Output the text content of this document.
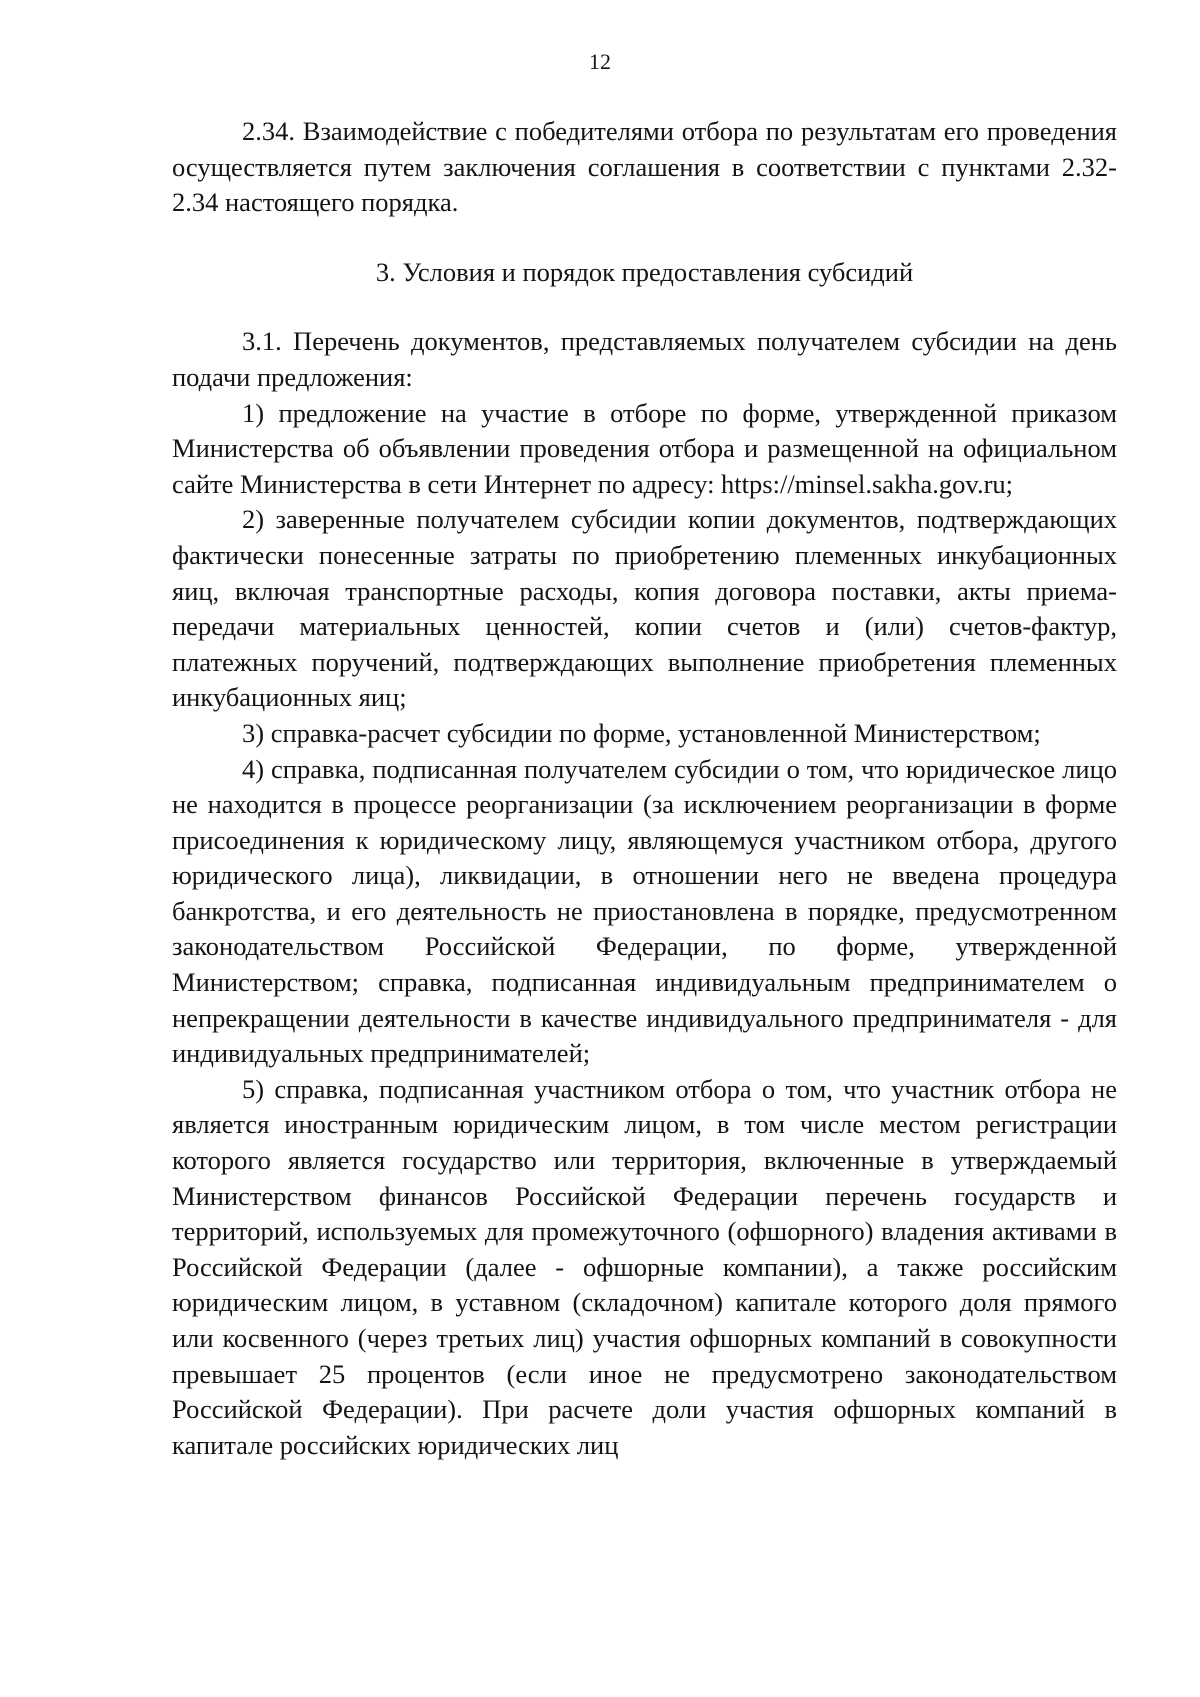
12

2.34. Взаимодействие с победителями отбора по результатам его проведения осуществляется путем заключения соглашения в соответствии с пунктами 2.32-2.34 настоящего порядка.

3. Условия и порядок предоставления субсидий

3.1. Перечень документов, представляемых получателем субсидии на день подачи предложения:

1) предложение на участие в отборе по форме, утвержденной приказом Министерства об объявлении проведения отбора и размещенной на официальном сайте Министерства в сети Интернет по адресу: https://minsel.sakha.gov.ru;

2) заверенные получателем субсидии копии документов, подтверждающих фактически понесенные затраты по приобретению племенных инкубационных яиц, включая транспортные расходы, копия договора поставки, акты приема-передачи материальных ценностей, копии счетов и (или) счетов-фактур, платежных поручений, подтверждающих выполнение приобретения племенных инкубационных яиц;

3) справка-расчет субсидии по форме, установленной Министерством;

4) справка, подписанная получателем субсидии о том, что юридическое лицо не находится в процессе реорганизации (за исключением реорганизации в форме присоединения к юридическому лицу, являющемуся участником отбора, другого юридического лица), ликвидации, в отношении него не введена процедура банкротства, и его деятельность не приостановлена в порядке, предусмотренном законодательством Российской Федерации, по форме, утвержденной Министерством; справка, подписанная индивидуальным предпринимателем о непрекращении деятельности в качестве индивидуального предпринимателя - для индивидуальных предпринимателей;

5) справка, подписанная участником отбора о том, что участник отбора не является иностранным юридическим лицом, в том числе местом регистрации которого является государство или территория, включенные в утверждаемый Министерством финансов Российской Федерации перечень государств и территорий, используемых для промежуточного (офшорного) владения активами в Российской Федерации (далее - офшорные компании), а также российским юридическим лицом, в уставном (складочном) капитале которого доля прямого или косвенного (через третьих лиц) участия офшорных компаний в совокупности превышает 25 процентов (если иное не предусмотрено законодательством Российской Федерации). При расчете доли участия офшорных компаний в капитале российских юридических лиц
